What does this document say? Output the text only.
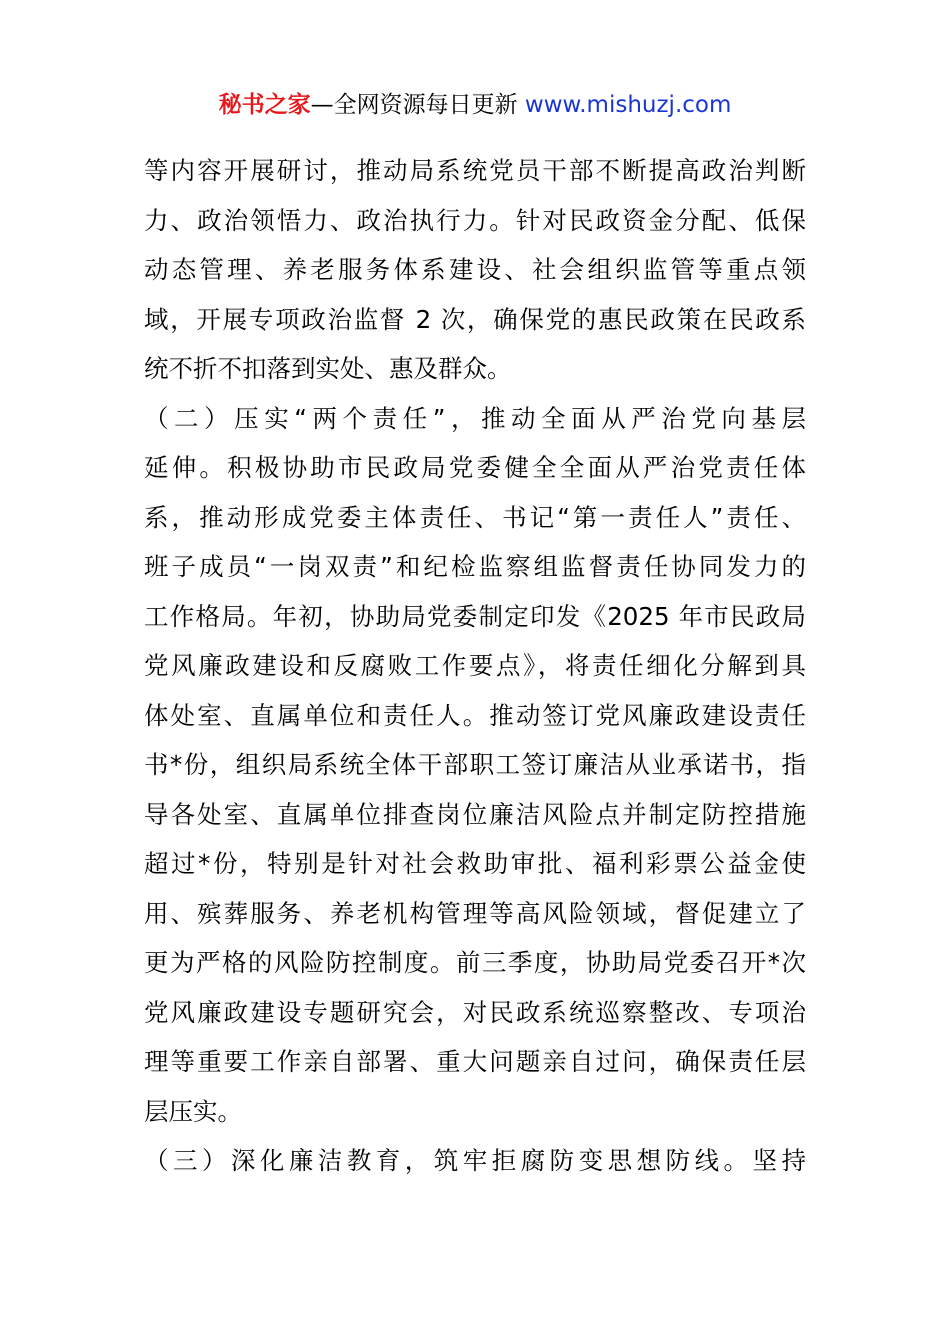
秘书之家—全网资源每日更新 www.mishuzj.com
等内容开展研讨，推动局系统党员干部不断提高政治判断
力、政治领悟力、政治执行力。针对民政资金分配、低保
动态管理、养老服务体系建设、社会组织监管等重点领
域，开展专项政治监督 2 次，确保党的惠民政策在民政系
统不折不扣落到实处、惠及群众。
（二）压实“两个责任”，推动全面从严治党向基层
延伸。积极协助市民政局党委健全全面从严治党责任体
系，推动形成党委主体责任、书记“第一责任人”责任、
班子成员“一岗双责”和纪检监察组监督责任协同发力的
工作格局。年初，协助局党委制定印发《2025 年市民政局
党风廉政建设和反腐败工作要点》，将责任细化分解到具
体处室、直属单位和责任人。推动签订党风廉政建设责任
书*份，组织局系统全体干部职工签订廉洁从业承诺书，指
导各处室、直属单位排查岗位廉洁风险点并制定防控措施
超过*份，特别是针对社会救助审批、福利彩票公益金使
用、殡葬服务、养老机构管理等高风险领域，督促建立了
更为严格的风险防控制度。前三季度，协助局党委召开*次
党风廉政建设专题研究会，对民政系统巡察整改、专项治
理等重要工作亲自部署、重大问题亲自过问，确保责任层
层压实。
（三）深化廉洁教育，筑牢拒腐防变思想防线。坚持
